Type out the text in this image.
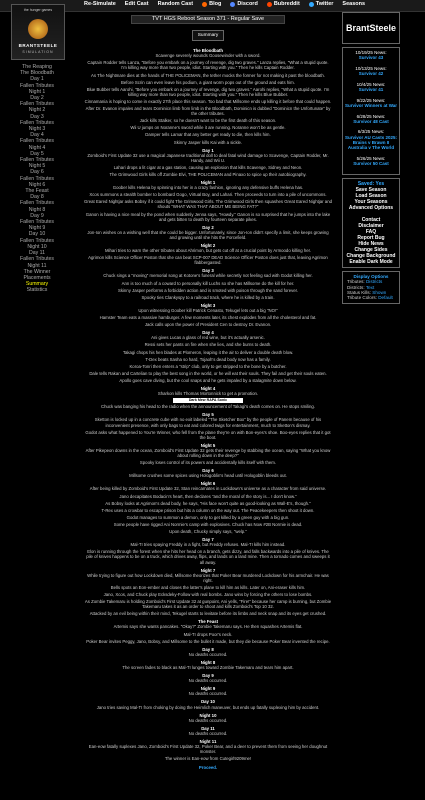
Re-Simulate Edit Cast Random Cast	Blog	Discord	Bubreddit	Twitter Seasons
the hunger games
BRANTSTEELE
SIMULATION
The Reaping
The Bloodbath
Day 1
Fallen Tributes
Night 1
Day 2
Fallen Tributes
Night 2
Day 3
Fallen Tributes
Night 3
Day 4
Fallen Tributes
Night 4
Day 5
Fallen Tributes
Night 5
Day 6
Fallen Tributes
Night 6
The Feast
Day 8
Fallen Tributes
Night 8
Day 9
Fallen Tributes
Night 9
Day 10
Fallen Tributes
Night 10
Day 11
Fallen Tributes
Night 11
The Winner
Placements
Summary
Statistics
TVT HGS Reboot Season 371 - Regular Save
Summary
The Bloodbath
Scavenge severely wounds Goosewinder with a sword.
Captain Rodder tells Lanza, "Before you embark on a journey of revenge, dig two graves." Lanza replies, "What a stupid quote. I'm killing way more than two people, idiot. Starting with you." Then he kills Captain Rodder.
As The Nightmare dies at the hands of THE POLICEMAN, the tether mocks the former for not making it past the bloodbath.
Before Scrin can even leave his podium, a giant worm pops out of the ground and eats him.
Blue Bubber tells Aarohi, "Before you embark on a journey of revenge, dig two graves." Aarohi replies, "What a stupid quote. I'm killing way more than two people, idiot. Starting with you." Then he kills Blue Bubber.
Cinnamania is hoping to come in exactly 27th place this season. Too bad that Millsome ends up killing it before that could happen.
After Dr. Evanon impales and tears Dominicn limb from limb in the Bloodbath, Dominicn is dubbed "Dominicn the Unfortunate" by the other tributes.
Jack kills Stalker, so he doesn't want to be the first death of this season.
Wii U jumps on Noranne's sword while it are running. Noranne won't be as gentle.
Damper tells Lamar that any better get ready to die, then kills him.
Skinny Jasper kills Kai with a sickle.
Day 1
Zomboid's First Update 32 use a magical Japanese traditional doll to deal fatal wind damage to Scavenge, Captain Rodder, Mr. Handy, and Wii U.
Lahari drops a lit cigar at a gas station, causing an explosion that kills Scavenge, Sidney and Neon.
The Grimwood Girls kills off Zombie Elvi, THE POLICEMAN and Pinaxo to spice up their autobiography.
Night 1
Goober kills Helena by spinning into her in a crazy fashion, ignoring any defensive buffs Helena has.
Xcos summons a stealth bomber to bombard Gogo, Virtual Boy, and Lahari. Then proceeds to turn into a pile of uncommons.
Great Eared Nightjar asks Bobsy if it could fight The Grimwood Girls. The Grimwood Girls then squashes Great Eared Nightjar and shouts "WHAT WAS THAT ABOUT ME BEING FAT?"
Ganon is having a nice meal by the pond when suddenly Jenna says, "Howdy." Ganon is so surprised that he jumps into the lake and gets bitten to death by fourteen separate pikes.
Day 2
Jon-Ion wishes on a wishing well that she could be bigger. Unfortunately, since Jon-Ion didn't specify a limit, she keeps growing and growing until she hits the Forcefield.
Night 2
Mihari tries to warn the other tributes about Ahrimon, but gets cut off at a crucial point by Armoodo killing her.
Agrimon kills Science Officer Poston that she can beat SCP-007 DEAD Science Officer Poston does just that, leaving Agrimon flabbergasted.
Day 3
Chuck sings a "moving" memorial song at Kotone's funeral while secretly not feeling sad with Godot killing her.
Ann is too much of a coward to personally kill Luchs so she has Millsome do the kill for her.
Skinny Jasper performs a forbidden action and is smoted with poison through the sand forever.
Spooky ties Clankyspy to a railroad track, where he is killed by a train.
Night 3
Upon witnessing Goober kill Patrick Cenasto, Tekugel lets out a big "NO!"
Hamster Team eats a massive hamburger. A few moments later, its chest explodes from all the cholesterol and fat.
Jack calls upon the power of President Cen to destroy Dr. Evanon.
Day 4
Ani gives Lucas a glass of red wine, but it's actually arsenic.
Ressi sets her pants on fire when she lies, and she burns to death.
Takagi chops his hen blades at Plomeron, leaping it the air to deliver a double death blow.
T-Dex beats Sasha so hard, Tojaoh's dead body now has a family.
Koroa-Tonri then enters a "strip" club, only to get stripped to the bone by a butcher.
Dale tells Rakan and Cartelian to play the best song in the world, or he will eat their souls. They fail and get their souls eaten.
Apollo goes cave diving, but the cool snaps and he gets impaled by a stalagmite down below.
Night 4
Sharkon kills Thomas Mortonnick to get a promotion.
Dark Mew RAPA Sonic
Chuck was banging his head to the radio when the announcement of Takagi's death comes on. He stops smiling.
Day 5
Sketton is locked up in a concrete cube with no exit labeled "The Sketcher Box" by the people of Panem because of his inconvenient presence, with only bags to eat and colored twigs for entertainment, much to Sketton's dismay.
Godot asks what happened to You're Winner, who fell from the plane they're on with Bon-eyes's shoe. Boo-eyes replies that it got the boot.
Night 5
After Pikepeon downs in the ocean, Zomboid's First Update 32 gets their revenge by stabbing the ocean, saying "What you know about rolling down in the deep?"
Spooky loses control of its powers and accidentally kills itself with them.
Day 6
Millsome crushes some spices using Hologoblin's head until Hologoblin bleeds out.
Night 6
After being killed by Zomboid's First Update 32, Stan reincarnates in Lockdown's universe as a character from said universe.
Jano decapitates Bodacin's heart, then declares "and the moral of the story is... I don't know."
As Bobsy looks at Agrimon's dead body, he says, "His face won't quite as good-looking as Wall-E's, though."
T-Rex uses a crowbar to escape prison but hits a column on the way out. The Peacekeepers then shoot it down.
Godot manages to summon a demon, only to get killed by a green guy with a big gun.
Some people have rigged Ani Normie's camp with explosives. Chuck has Now #2B Normie is dead.
Upon death, Chucky simply says, "welp."
Day 7
Mal-TI tries spaying Freddy in a fight, but Freddy refuses. Mal-TI kills him instead.
Elon is running through the forest when she hits her head on a branch, gets dizzy, and falls backwards into a pile of knives. The pile of knives happens to be on a truck, which drives away, flips, and lands on a land mine. Then a tornado comes and sweeps it all away.
Night 7
While trying to figure out how Lockdown died, Millsome theorizes that Poker Bear murdered Lockdown for his armchair. He was right.
Bells spots an Eon-ember and closes the latter's plane to kill him as kills. Later on, Ani-eraser kills him.
Jano, Xcos, and Chuck play Ecksdeky-Follow with real bombs. Jano wins by forcing the others to lose bombs.
As Zombie Takemaru is holding Zomboid's First Update 32 at gunpoint, Ani yells, "Fire!" because her camp is burning, but Zombie Takemaru takes it as an order to shoot and kills Zomboid's Top 10 32.
Attacked by an evil being within their mind, Tekugel starts to levitate before its limbs and neck snap and its eyes get crushed.
The Feast
Artemis says she wants pancakes. "Okay?" Zombie Takemaru says. He then squashes Artemis flat.
Mal-TI drops Poor's neck.
Poker Bear invites Peggy, Jano, Bobsy, and Millsome to the bullet it made, but they die because Poker Bear invented the recipe.
Day 8
No deaths occurred.
Night 8
The screen fades to black as Mal-TI lunges toward Zombie Takemaru and tears him apart.
Day 9
No deaths occurred.
Night 9
No deaths occurred.
Day 10
Jano tries saving Mal-TI from choking by doing the Heimlich maneuver, but ends up fatally suplexing him by accident.
Night 10
No deaths occurred.
Day 11
No deaths occurred.
Night 11
Ean-eow fatally suplexes Jano, Zomboid's First Update 32, Poker Bear, and a deer to prevent them from seeing her doughnut monster.
The winner is Ean-eow from Cutegirl9209me!
Proceed.
BrantSteele
10/19/25 News:
Survivor 43

10/13/25 News:
Survivor 42

10/4/25 News:
Survivor 41

9/22/25 News:
Survivor Winners at War

6/28/25 News:
Survivor 48 Cast

6/3/25 News:
Survivor AU Casts 2025: Brains v Brawn II Australia v The World

5/26/25 News:
Survivor 50 Cast

Saved: Yes
Save Season
Load Season
Your Seasons
Advanced Options

Contact
Disclaimer
FAQ
Report Bug
Hide News
Change Sides
Change Background
Enable Dark Mode
Display Options
Tributes: Districts
Districts: Text
Status Kills: Shown
Tribute Colors: Default
